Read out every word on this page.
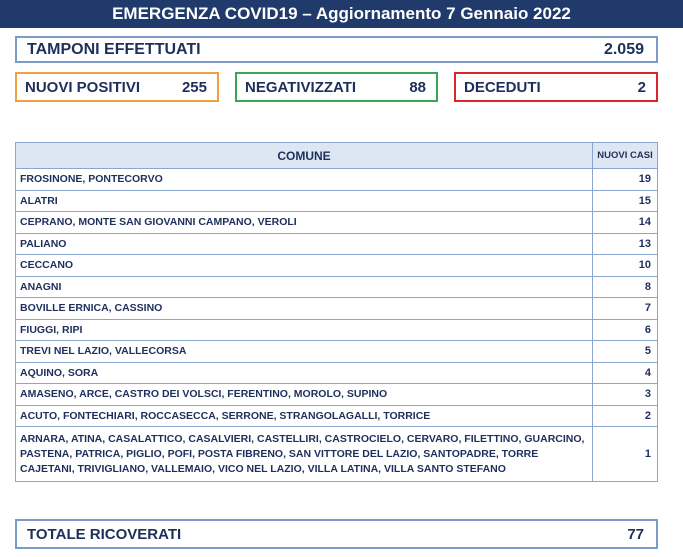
EMERGENZA COVID19 – Aggiornamento 7 Gennaio 2022
TAMPONI EFFETTUATI	2.059
NUOVI POSITIVI	255	NEGATIVIZZATI	88	DECEDUTI	2
COMUNE	NUOVI CASI
FROSINONE, PONTECORVO	19
ALATRI	15
CEPRANO, MONTE SAN GIOVANNI CAMPANO, VEROLI	14
PALIANO	13
CECCANO	10
ANAGNI	8
BOVILLE ERNICA, CASSINO	7
FIUGGI, RIPI	6
TREVI NEL LAZIO, VALLECORSA	5
AQUINO, SORA	4
AMASENO, ARCE, CASTRO DEI VOLSCI, FERENTINO, MOROLO, SUPINO	3
ACUTO, FONTECHIARI, ROCCASECCA, SERRONE, STRANGOLAGALLI, TORRICE	2
ARNARA, ATINA, CASALATTICO, CASALVIERI, CASTELLIRI, CASTROCIELO, CERVARO, FILETTINO, GUARCINO, PASTENA, PATRICA, PIGLIO, POFI, POSTA FIBRENO, SAN VITTORE DEL LAZIO, SANTOPADRE, TORRE CAJETANI, TRIVIGLIANO, VALLEMAIO, VICO NEL LAZIO, VILLA LATINA, VILLA SANTO STEFANO	1
TOTALE RICOVERATI	77
